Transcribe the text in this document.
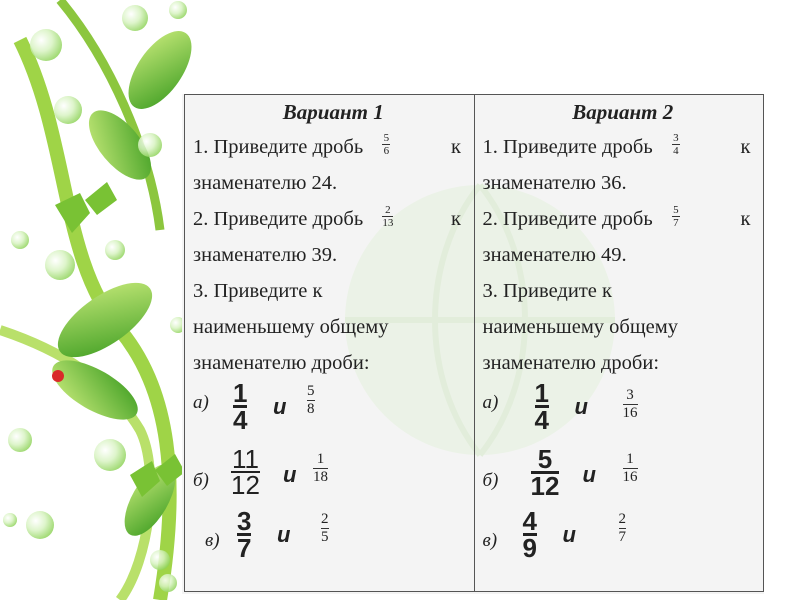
Вариант 1
1. Приведите дробь $\frac{5}{6}$	к
знаменателю 24.
2. Приведите дробь $\frac{2}{13}$	к
знаменателю 39.
3. Приведите к
наименьшему общему
знаменателю дроби:
а) 1
4 и
5
8
б)
11
12 и
1
18
в)
3
7 и
2
5

Вариант 2
1. Приведите дробь $\frac{3}{4}$	к
знаменателю 36.
2. Приведите дробь $\frac{5}{7}$	к
знаменателю 49.
3. Приведите к
наименьшему общему
знаменателю дроби:
а) 1
4 и	3
16
б)
5
12 и
1
16
в)
4
9 и
2
7
